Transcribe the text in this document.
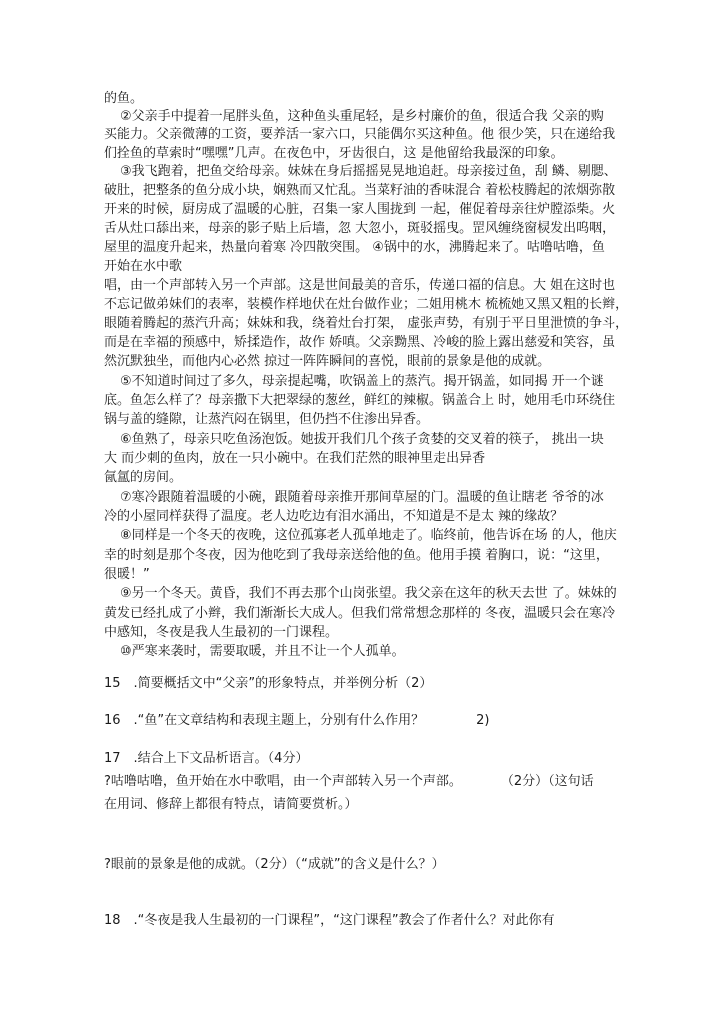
的鱼。
②父亲手中提着一尾胖头鱼，这种鱼头重尾轻，是乡村廉价的鱼，很适合我 父亲的购
买能力。父亲微薄的工资，要养活一家六口，只能偶尔买这种鱼。他 很少笑，只在递给我
们拴鱼的草索时“嘿嘿”几声。在夜色中，牙齿很白，这 是他留给我最深的印象。
③我飞跑着，把鱼交给母亲。妹妹在身后摇摇晃晃地追赶。母亲接过鱼，刮 鳞、剔腮、
破肚，把整条的鱼分成小块，娴熟而又忙乱。当菜籽油的香味混合 着松枝腾起的浓烟弥散
开来的时候，厨房成了温暖的心脏，召集一家人围拢到 一起，催促着母亲往炉膛添柴。火
舌从灶口舔出来，母亲的影子贴上后墙，忽 大忽小，斑驳摇曳。罡风缠绕窗棂发出呜咽，
屋里的温度升起来，热量向着寒 冷四散突围。 ④锅中的水，沸腾起来了。咕噜咕噜，鱼
开始在水中歌
唱，由一个声部转入另一个声部。这是世间最美的音乐，传递口福的信息。大 姐在这时也
不忘记做弟妹们的表率，装模作样地伏在灶台做作业；二姐用桃木 梳梳她又黑又粗的长辫，
眼随着腾起的蒸汽升高；妹妹和我，绕着灶台打架， 虚张声势，有别于平日里泄愤的争斗，
而是在幸福的预感中，矫揉造作，故作 娇嗔。父亲黝黑、冷峻的脸上露出慈爱和笑容，虽
然沉默独坐，而他内心必然 掠过一阵阵瞬间的喜悦，眼前的景象是他的成就。
⑤不知道时间过了多久，母亲提起嘴，吹锅盖上的蒸汽。揭开锅盖，如同揭 开一个谜
底。鱼怎么样了？母亲撒下大把翠绿的葱丝，鲜红的辣椒。锅盖合上 时，她用毛巾环绕住
锅与盖的缝隙，让蒸汽闷在锅里，但仍挡不住渗出异香。
⑥鱼熟了，母亲只吃鱼汤泡饭。她拔开我们几个孩子贪婪的交叉着的筷子， 挑出一块
大 而少刺的鱼肉，放在一只小碗中。在我们茫然的眼神里走出异香
氤氲的房间。
⑦寒冷跟随着温暖的小碗，跟随着母亲推开那间草屋的门。温暖的鱼让瞎老 爷爷的冰
冷的小屋同样获得了温度。老人边吃边有泪水涌出，不知道是不是太 辣的缘故？
⑧同样是一个冬天的夜晚，这位孤寡老人孤单地走了。临终前，他告诉在场 的人，他庆
幸的时刻是那个冬夜，因为他吃到了我母亲送给他的鱼。他用手摸 着胸口，说：“这里，
很暖！”
⑨另一个冬天。黄昏，我们不再去那个山岗张望。我父亲在这年的秋天去世 了。妹妹的
黄发已经扎成了小辫，我们渐渐长大成人。但我们常常想念那样的 冬夜，温暖只会在寒冷
中感知，冬夜是我人生最初的一门课程。
⑩严寒来袭时，需要取暖，并且不让一个人孤单。
15　.简要概括文中“父亲”的形象特点，并举例分析（2）
16　.“鱼”在文章结构和表现主题上，分别有什么作用？　　　　2)
17　.结合上下文品析语言。（4分）
?咕噜咕噜，鱼开始在水中歌唱，由一个声部转入另一个声部。　　　　（2分）（这句话
在用词、修辞上都很有特点，请简要赏析。）
?眼前的景象是他的成就。（2分）（“成就”的含义是什么？）
18　.“冬夜是我人生最初的一门课程”，“这门课程”教会了作者什么？对此你有
